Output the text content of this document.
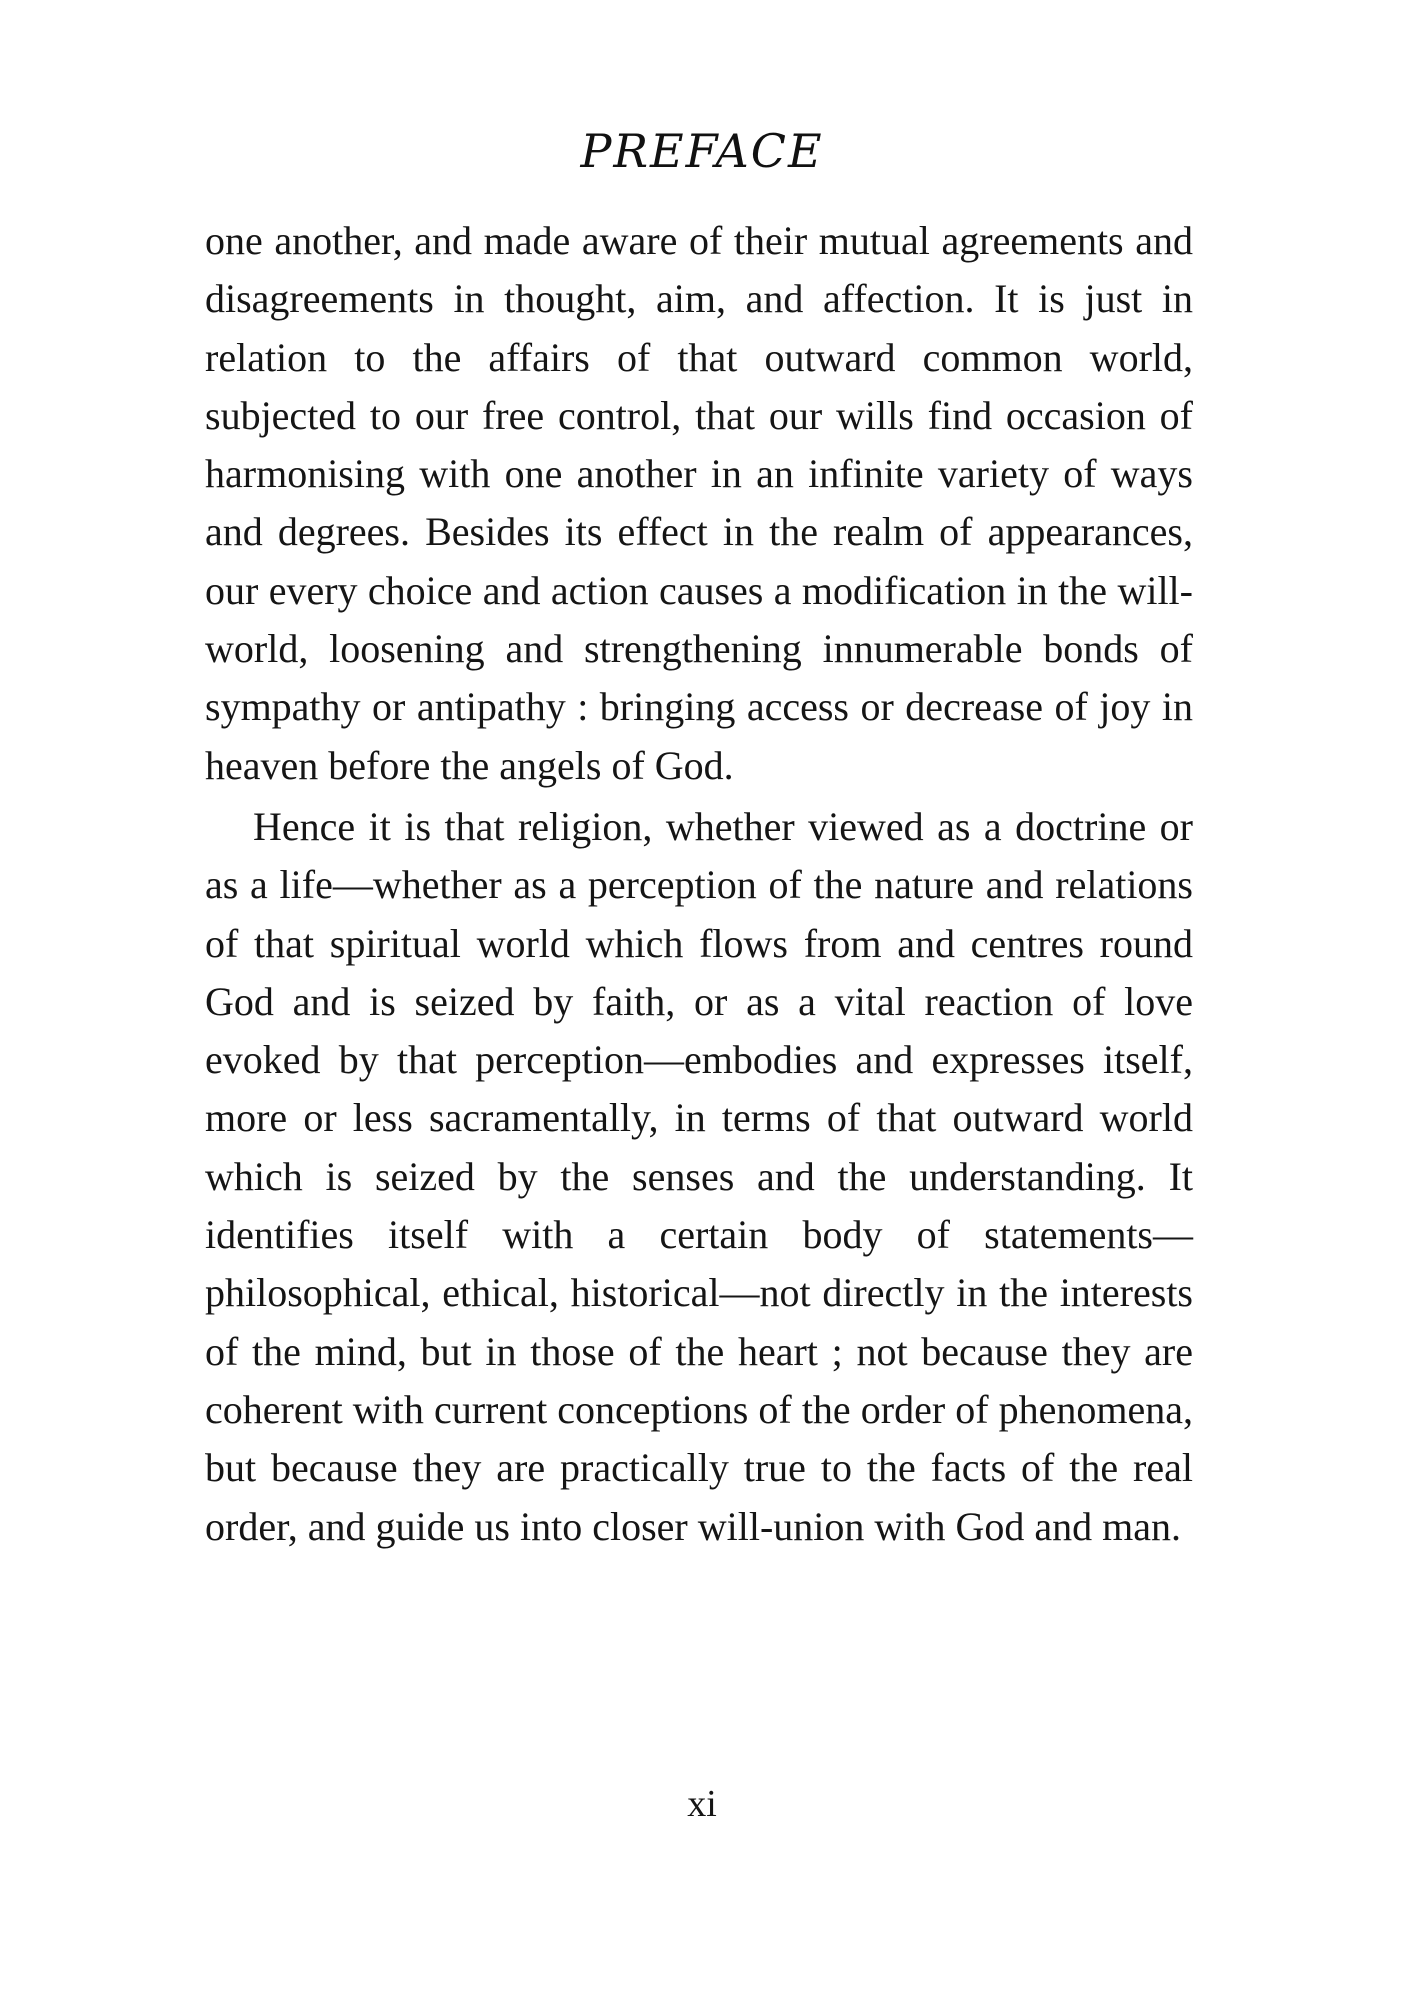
PREFACE

one another, and made aware of their mutual agreements and disagreements in thought, aim, and affection. It is just in relation to the affairs of that outward common world, subjected to our free control, that our wills find occasion of harmonising with one another in an infinite variety of ways and degrees. Besides its effect in the realm of appearances, our every choice and action causes a modification in the will-world, loosening and strengthening innumerable bonds of sympathy or antipathy : bringing access or decrease of joy in heaven before the angels of God.

Hence it is that religion, whether viewed as a doctrine or as a life—whether as a perception of the nature and relations of that spiritual world which flows from and centres round God and is seized by faith, or as a vital reaction of love evoked by that perception—embodies and expresses itself, more or less sacramentally, in terms of that outward world which is seized by the senses and the understanding. It identifies itself with a certain body of statements—philosophical, ethical, historical—not directly in the interests of the mind, but in those of the heart ; not because they are coherent with current conceptions of the order of phenomena, but because they are practically true to the facts of the real order, and guide us into closer will-union with God and man.

xi
